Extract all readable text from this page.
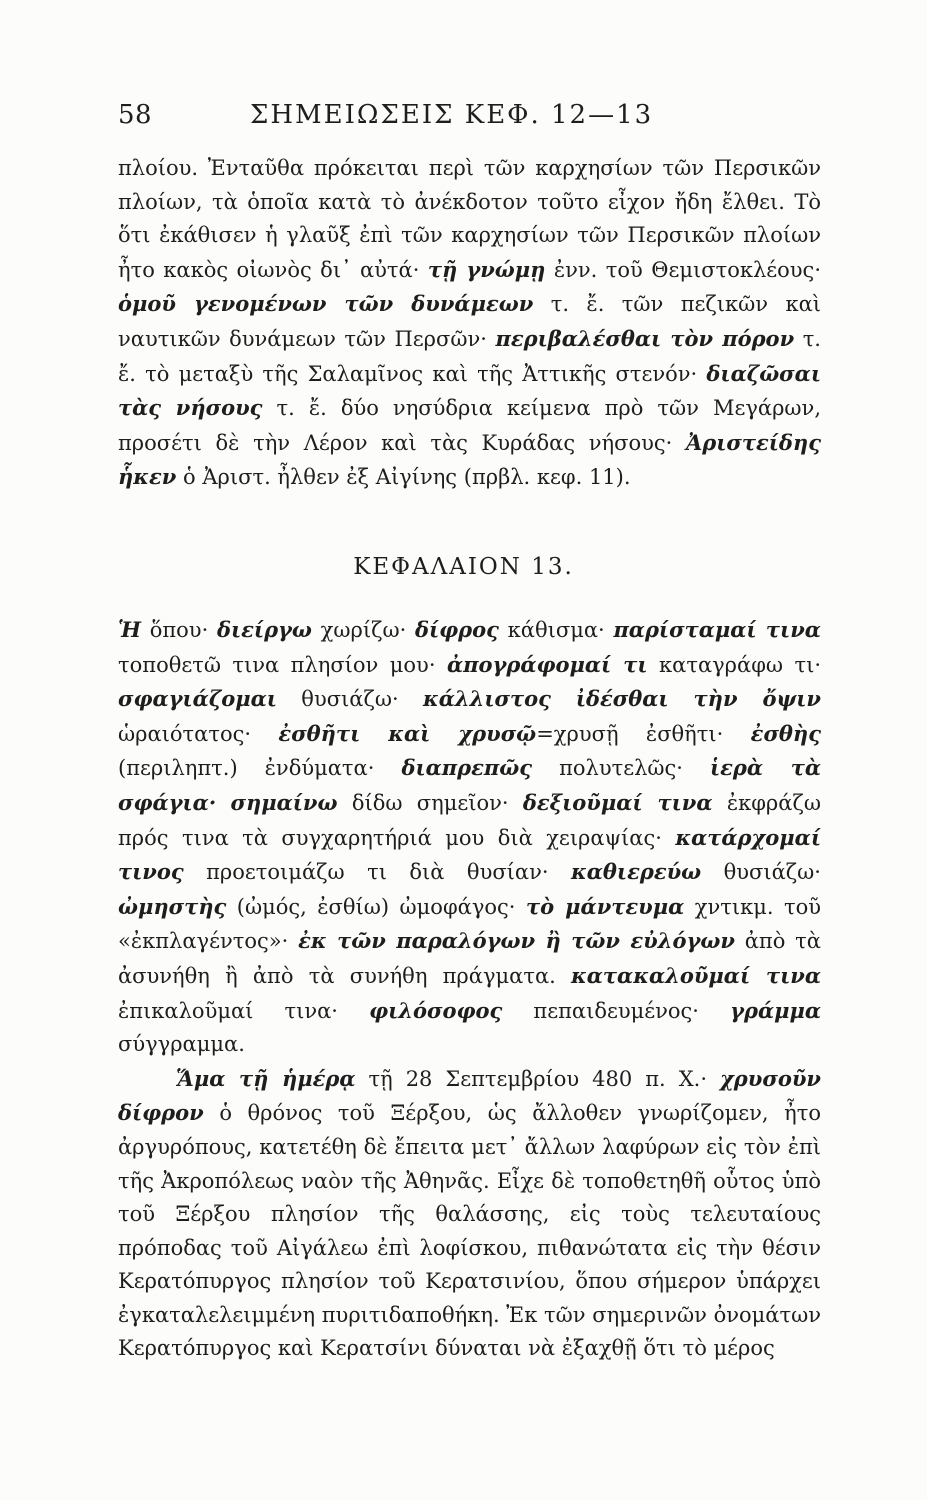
58	ΣΗΜΕΙΩΣΕΙΣ ΚΕΦ. 12—13

πλοίου. Ἐνταῦθα πρόκειται περὶ τῶν καρχησίων τῶν Περσικῶν πλοίων, τὰ ὁποῖα κατὰ τὸ ἀνέκδοτον τοῦτο εἶχον ἤδη ἔλθει. Τὸ ὅτι ἐκάθισεν ἡ γλαῦξ ἐπὶ τῶν καρχησίων τῶν Περσικῶν πλοίων ἦτο κακὸς οἰωνὸς δι᾽ αὐτά· τῇ γνώμῃ ἐνν. τοῦ Θεμιστοκλέους· ὁμοῦ γενομένων τῶν δυνάμεων τ. ἔ. τῶν πεζικῶν καὶ ναυτικῶν δυνάμεων τῶν Περσῶν· περιβαλέσθαι τὸν πόρον τ. ἔ. τὸ μεταξὺ τῆς Σαλαμῖνος καὶ τῆς Ἀττικῆς στενόν· διαζῶσαι τὰς νήσους τ. ἔ. δύο νησύδρια κείμενα πρὸ τῶν Μεγάρων, προσέτι δὲ τὴν Λέρον καὶ τὰς Κυράδας νήσους· Ἀριστείδης ἧκεν ὁ Ἀριστ. ἦλθεν ἐξ Αἰγίνης (πρβλ. κεφ. 11).

ΚΕΦΑΛΑΙΟΝ 13.

Ἡ ὅπου· διείργω χωρίζω· δίφρος κάθισμα· παρίσταμαί τινα τοποθετῶ τινα πλησίον μου· ἀπογράφομαί τι καταγράφω τι· σφαγιάζομαι θυσιάζω· κάλλιστος ἰδέσθαι τὴν ὄψιν ὡραιότατος· ἐσθῆτι καὶ χρυσῷ=χρυσῇ ἐσθῆτι· ἐσθὴς (περιληπτ.) ἐνδύματα· διαπρεπῶς πολυτελῶς· ἱερὰ τὰ σφάγια· σημαίνω δίδω σημεῖον· δεξιοῦμαί τινα ἐκφράζω πρός τινα τὰ συγχαρητήριά μου διὰ χειραψίας· κατάρχομαί τινος προετοιμάζω τι διὰ θυσίαν· καθιερεύω θυσιάζω· ὠμηστὴς (ὠμός, ἐσθίω) ὠμοφάγος· τὸ μάντευμα χντικμ. τοῦ «ἐκπλαγέντος»· ἐκ τῶν παραλόγων ἢ τῶν εὐλόγων ἀπὸ τὰ ἀσυνήθη ἢ ἀπὸ τὰ συνήθη πράγματα. κατακαλοῦμαί τινα ἐπικαλοῦμαί τινα· φιλόσοφος πεπαιδευμένος· γράμμα σύγγραμμα.

Ἅμα τῇ ἡμέρᾳ τῇ 28 Σεπτεμβρίου 480 π. Χ.· χρυσοῦν δίφρον ὁ θρόνος τοῦ Ξέρξου, ὡς ἄλλοθεν γνωρίζομεν, ἦτο ἀργυρόπους, κατετέθη δὲ ἔπειτα μετ᾽ ἄλλων λαφύρων εἰς τὸν ἐπὶ τῆς Ἀκροπόλεως ναὸν τῆς Ἀθηνᾶς. Εἶχε δὲ τοποθετηθῆ οὗτος ὑπὸ τοῦ Ξέρξου πλησίον τῆς θαλάσσης, εἰς τοὺς τελευταίους πρόποδας τοῦ Αἰγάλεω ἐπὶ λοφίσκου, πιθανώτατα εἰς τὴν θέσιν Κερατόπυργος πλησίον τοῦ Κερατσινίου, ὅπου σήμερον ὑπάρχει ἐγκαταλελειμμένη πυριτιδαποθήκη. Ἐκ τῶν σημερινῶν ὀνομάτων Κερατόπυργος καὶ Κερατσίνι δύναται νὰ ἐξαχθῇ ὅτι τὸ μέρος
